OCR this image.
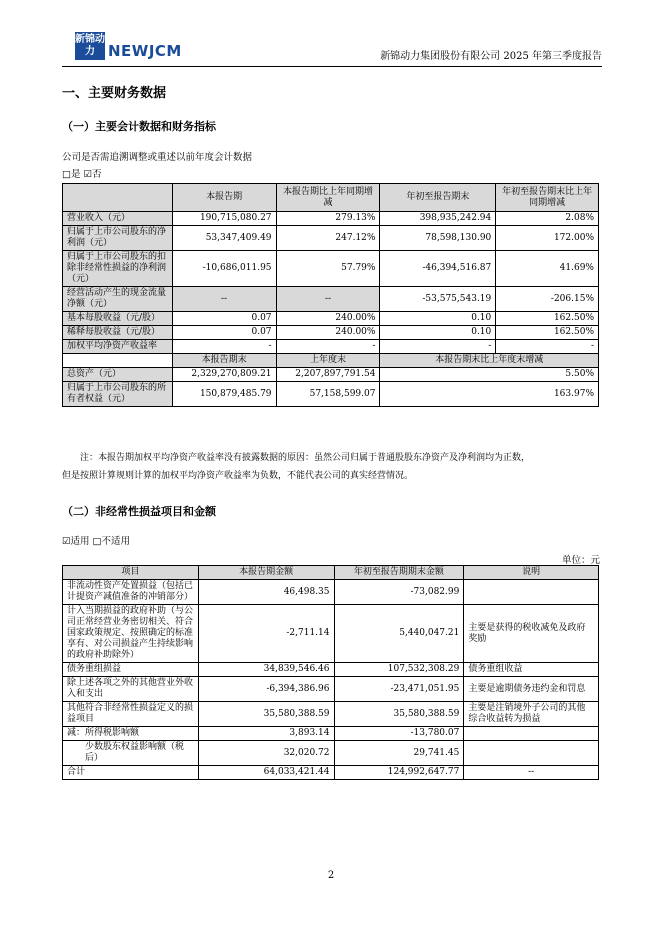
新锦动力 NEWJCM	新锦动力集团股份有限公司 2025 年第三季度报告
一、主要财务数据
（一）主要会计数据和财务指标
公司是否需追溯调整或重述以前年度会计数据
□是 ☑否
	本报告期	本报告期比上年同期增减	年初至报告期末	年初至报告期末比上年同期增减
营业收入（元）	190,715,080.27	279.13%	398,935,242.94	2.08%
归属于上市公司股东的净利润（元）	53,347,409.49	247.12%	78,598,130.90	172.00%
归属于上市公司股东的扣除非经常性损益的净利润（元）	-10,686,011.95	57.79%	-46,394,516.87	41.69%
经营活动产生的现金流量净额（元）	--	--	-53,575,543.19	-206.15%
基本每股收益（元/股）	0.07	240.00%	0.10	162.50%
稀释每股收益（元/股）	0.07	240.00%	0.10	162.50%
加权平均净资产收益率	-	-	-	-
	本报告期末	上年度末	本报告期末比上年度末增减	
总资产（元）	2,329,270,809.21	2,207,897,791.54	5.50%	
归属于上市公司股东的所有者权益（元）	150,879,485.79	57,158,599.07	163.97%	
注：本报告期加权平均净资产收益率没有披露数据的原因：虽然公司归属于普通股股东净资产及净利润均为正数，
但是按照计算规则计算的加权平均净资产收益率为负数，不能代表公司的真实经营情况。
（二）非经常性损益项目和金额
☑适用 □不适用
单位：元
项目	本报告期金额	年初至报告期期末金额	说明
非流动性资产处置损益（包括已计提资产减值准备的冲销部分）	46,498.35	-73,082.99	
计入当期损益的政府补助（与公司正常经营业务密切相关、符合国家政策规定、按照确定的标准享有、对公司损益产生持续影响的政府补助除外）	-2,711.14	5,440,047.21	主要是获得的税收减免及政府奖励
债务重组损益	34,839,546.46	107,532,308.29	债务重组收益
除上述各项之外的其他营业外收入和支出	-6,394,386.96	-23,471,051.95	主要是逾期债务违约金和罚息
其他符合非经常性损益定义的损益项目	35,580,388.59	35,580,388.59	主要是注销境外子公司的其他综合收益转为损益
减：所得税影响额	3,893.14	-13,780.07	
少数股东权益影响额（税后）	32,020.72	29,741.45	
合计	64,033,421.44	124,992,647.77	--
2
